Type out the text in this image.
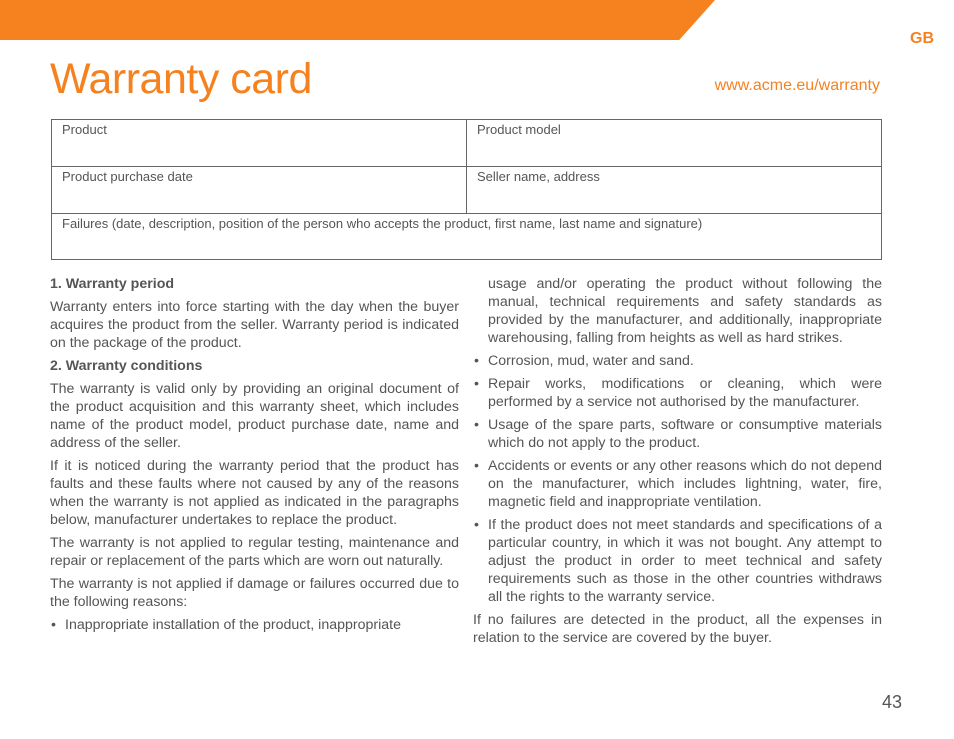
GB
Warranty card	www.acme.eu/warranty
Product	Product model
Product purchase date	Seller name, address
Failures (date, description, position of the person who accepts the product, first name, last name and signature)
1. Warranty period

Warranty enters into force starting with the day when the buyer acquires the product from the seller. Warranty period is indicated on the package of the product.

2. Warranty conditions

The warranty is valid only by providing an original document of the product acquisition and this warranty sheet, which includes name of the product model, product purchase date, name and address of the seller.

If it is noticed during the warranty period that the product has faults and these faults where not caused by any of the reasons when the warranty is not applied as indicated in the paragraphs below, manufacturer undertakes to replace the product.

The warranty is not applied to regular testing, maintenance and repair or replacement of the parts which are worn out naturally.

The warranty is not applied if damage or failures occurred due to the following reasons:

• Inappropriate installation of the product, inappropriate
usage and/or operating the product without following the manual, technical requirements and safety standards as provided by the manufacturer, and additionally, inappropriate warehousing, falling from heights as well as hard strikes.
• Corrosion, mud, water and sand.
• Repair works, modifications or cleaning, which were performed by a service not authorised by the manufacturer.
• Usage of the spare parts, software or consumptive materials which do not apply to the product.
• Accidents or events or any other reasons which do not depend on the manufacturer, which includes lightning, water, fire, magnetic field and inappropriate ventilation.
• If the product does not meet standards and specifications of a particular country, in which it was not bought. Any attempt to adjust the product in order to meet technical and safety requirements such as those in the other countries withdraws all the rights to the warranty service.

If no failures are detected in the product, all the expenses in relation to the service are covered by the buyer.

43
